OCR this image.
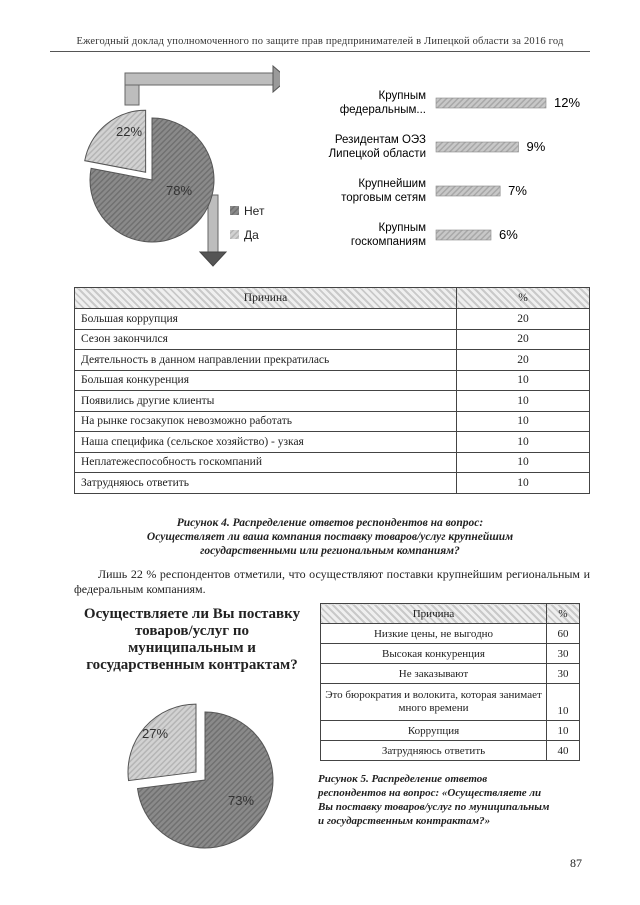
Ежегодный доклад уполномоченного по защите прав предпринимателей в Липецкой области за 2016 год
22%
78%
Нет
Да
Крупным
федеральным...	12%
Резидентам ОЭЗ
Липецкой области	9%
Крупнейшим
торговым сетям	7%
Крупным
госкомпаниям	6%
Причина	%
Большая коррупция	20
Сезон закончился	20
Деятельность в данном направлении прекратилась	20
Большая конкуренция	10
Появились другие клиенты	10
На рынке госзакупок невозможно работать	10
Наша специфика (сельское хозяйство) - узкая	10
Неплатежеспособность госкомпаний	10
Затрудняюсь ответить	10
Рисунок 4. Распределение ответов респондентов на вопрос:
Осуществляет ли ваша компания поставку товаров/услуг крупнейшим
государственными или региональным компаниям?
Лишь 22 % респондентов отметили, что осуществляют поставки крупнейшим региональным и федеральным компаниям.
Осуществляете ли Вы поставку
товаров/услуг по
муниципальным и
государственным контрактам?
27%
73%
Причина	%
Низкие цены, не выгодно	60
Высокая конкуренция	30
Не заказывают	30
Это бюрократия и волокита, которая занимает много времени	10
Коррупция	10
Затрудняюсь ответить	40
Рисунок 5. Распределение ответов
респондентов на вопрос: «Осуществляете ли
Вы поставку товаров/услуг по муниципальным
и государственным контрактам?»
87
